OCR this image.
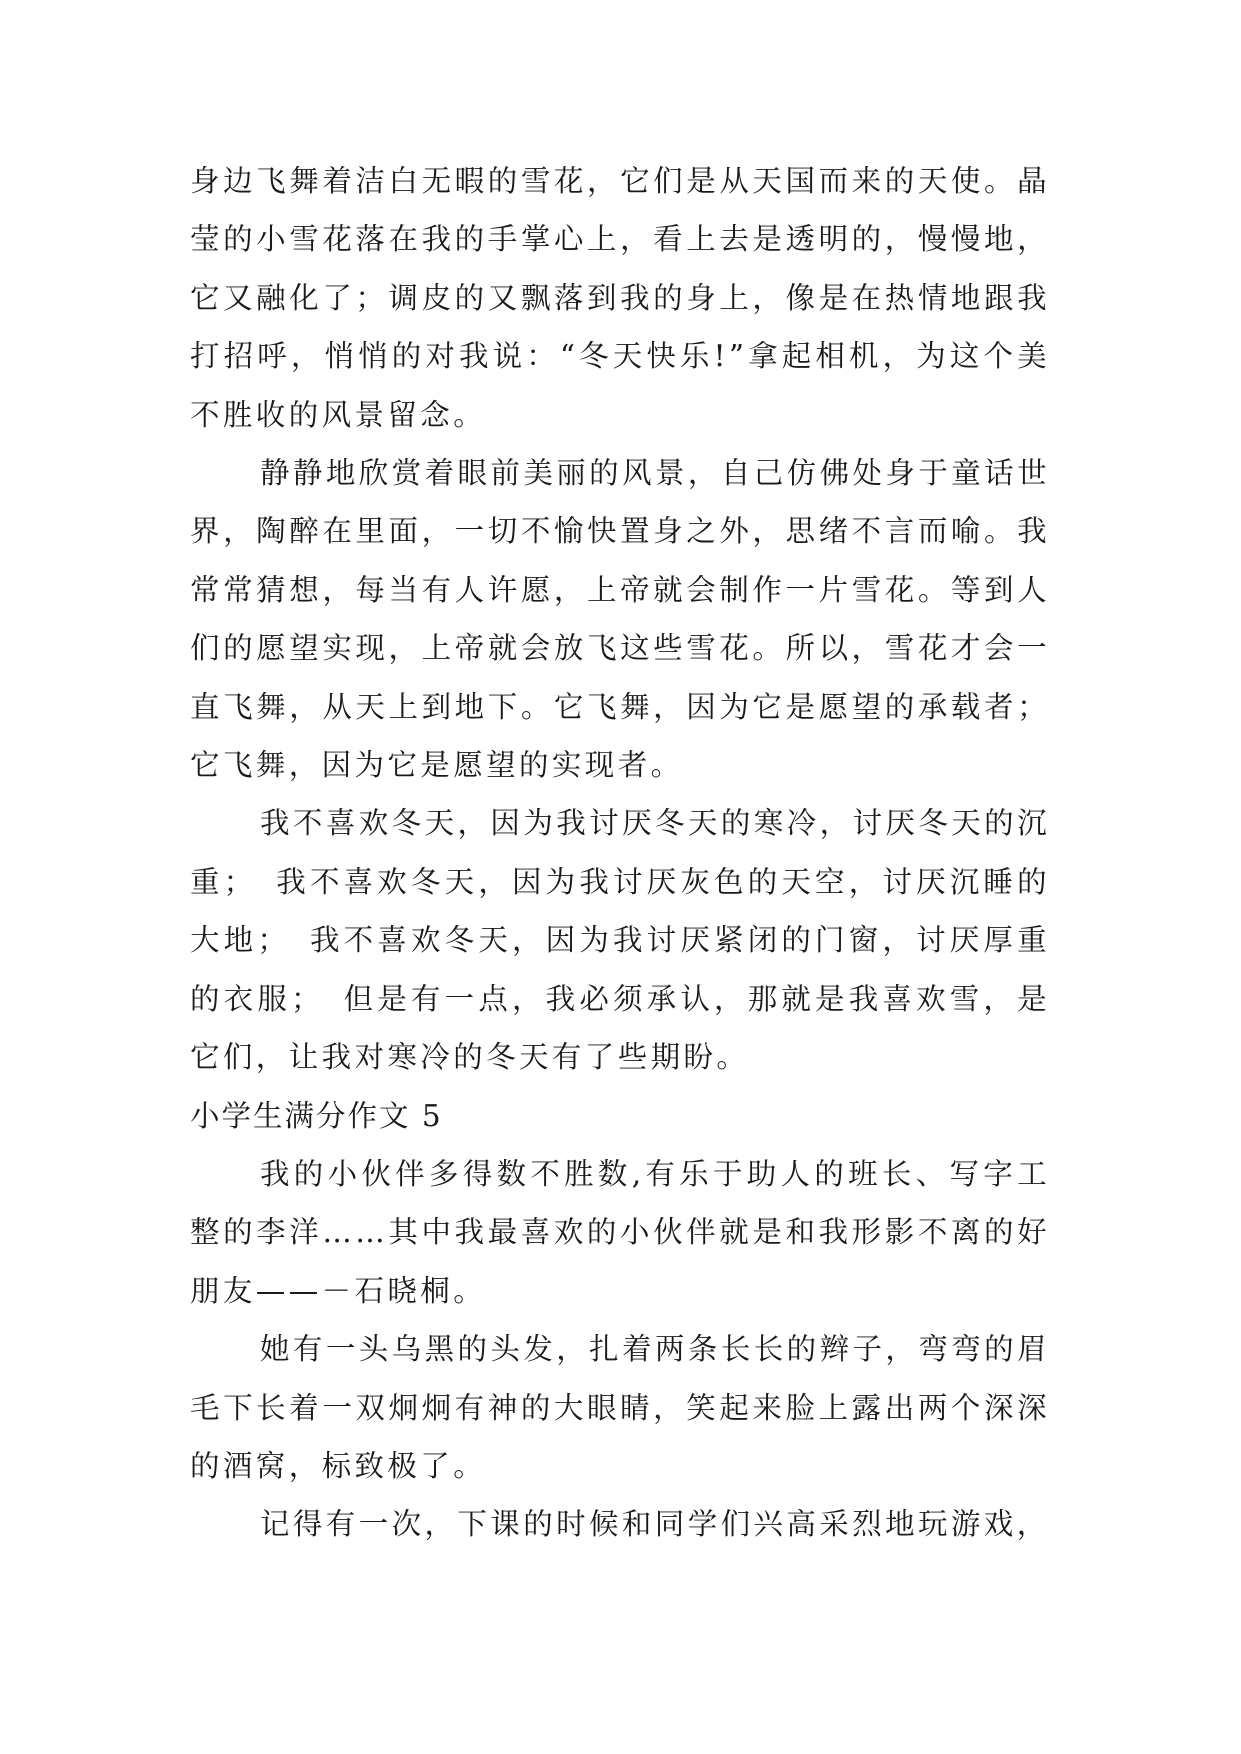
身边飞舞着洁白无暇的雪花，它们是从天国而来的天使。晶莹的小雪花落在我的手掌心上，看上去是透明的，慢慢地，它又融化了；调皮的又飘落到我的身上，像是在热情地跟我打招呼，悄悄的对我说：“冬天快乐!”拿起相机，为这个美不胜收的风景留念。

静静地欣赏着眼前美丽的风景，自己仿佛处身于童话世界，陶醉在里面，一切不愉快置身之外，思绪不言而喻。我常常猜想，每当有人许愿，上帝就会制作一片雪花。等到人们的愿望实现，上帝就会放飞这些雪花。所以，雪花才会一直飞舞，从天上到地下。它飞舞，因为它是愿望的承载者；它飞舞，因为它是愿望的实现者。

我不喜欢冬天，因为我讨厌冬天的寒冷，讨厌冬天的沉重；　我不喜欢冬天，因为我讨厌灰色的天空，讨厌沉睡的大地；　我不喜欢冬天，因为我讨厌紧闭的门窗，讨厌厚重的衣服；　但是有一点，我必须承认，那就是我喜欢雪，是它们，让我对寒冷的冬天有了些期盼。

小学生满分作文 5

我的小伙伴多得数不胜数,有乐于助人的班长、写字工整的李洋……其中我最喜欢的小伙伴就是和我形影不离的好朋友——－石晓桐。

她有一头乌黑的头发，扎着两条长长的辫子，弯弯的眉毛下长着一双炯炯有神的大眼睛，笑起来脸上露出两个深深的酒窝，标致极了。

记得有一次，下课的时候和同学们兴高采烈地玩游戏，
